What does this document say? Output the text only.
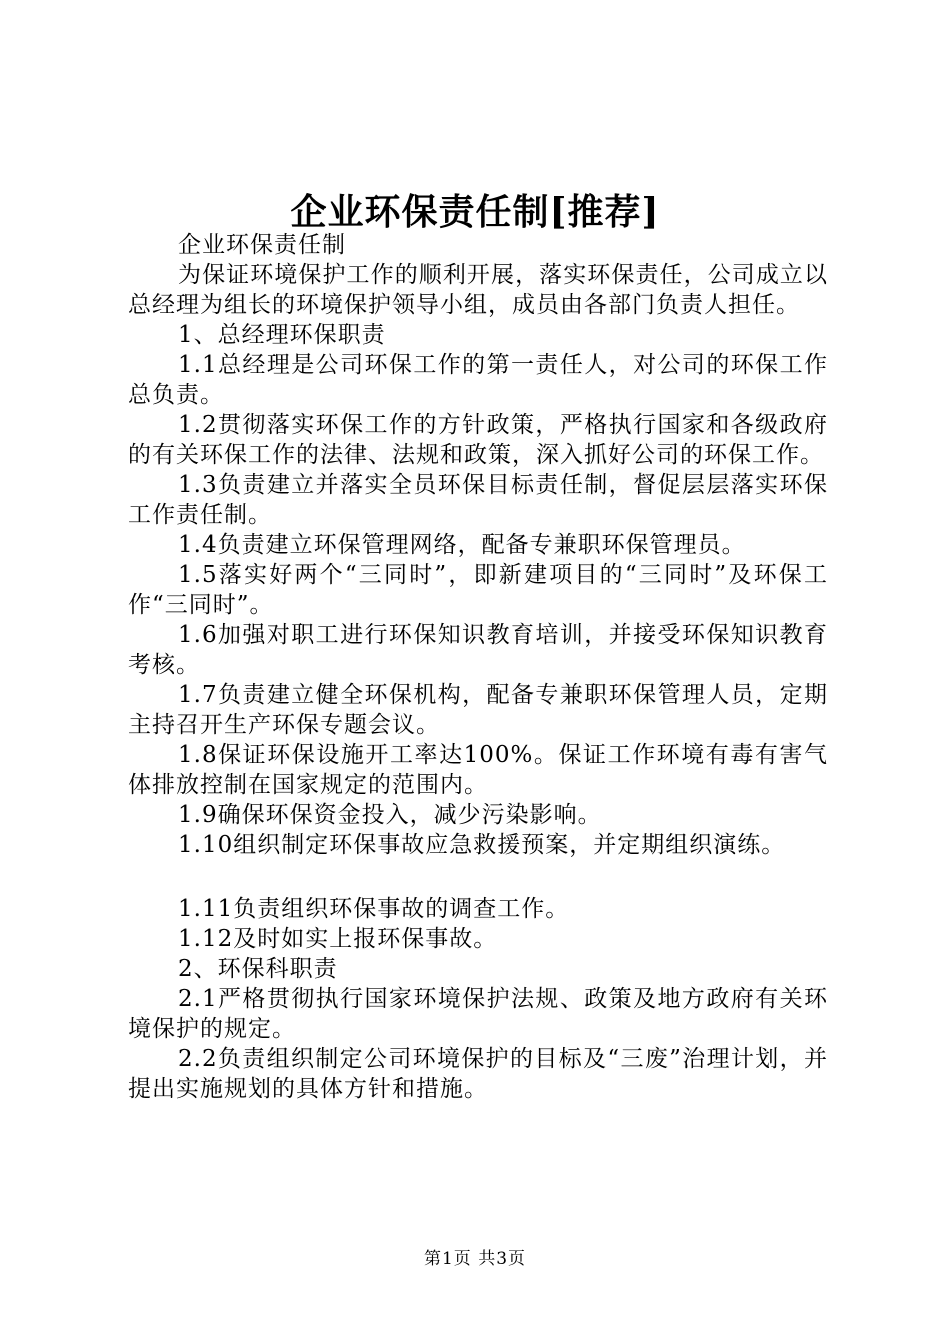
企业环保责任制[推荐]

企业环保责任制

为保证环境保护工作的顺利开展，落实环保责任，公司成立以总经理为组长的环境保护领导小组，成员由各部门负责人担任。

1、总经理环保职责

1.1总经理是公司环保工作的第一责任人，对公司的环保工作总负责。

1.2贯彻落实环保工作的方针政策，严格执行国家和各级政府的有关环保工作的法律、法规和政策，深入抓好公司的环保工作。

1.3负责建立并落实全员环保目标责任制，督促层层落实环保工作责任制。

1.4负责建立环保管理网络，配备专兼职环保管理员。

1.5落实好两个“三同时”，即新建项目的“三同时”及环保工作“三同时”。

1.6加强对职工进行环保知识教育培训，并接受环保知识教育考核。

1.7负责建立健全环保机构，配备专兼职环保管理人员，定期主持召开生产环保专题会议。

1.8保证环保设施开工率达100%。保证工作环境有毒有害气体排放控制在国家规定的范围内。

1.9确保环保资金投入，减少污染影响。

1.10组织制定环保事故应急救援预案，并定期组织演练。

1.11负责组织环保事故的调查工作。

1.12及时如实上报环保事故。

2、环保科职责

2.1严格贯彻执行国家环境保护法规、政策及地方政府有关环境保护的规定。

2.2负责组织制定公司环境保护的目标及“三废”治理计划，并提出实施规划的具体方针和措施。

第1页 共3页
